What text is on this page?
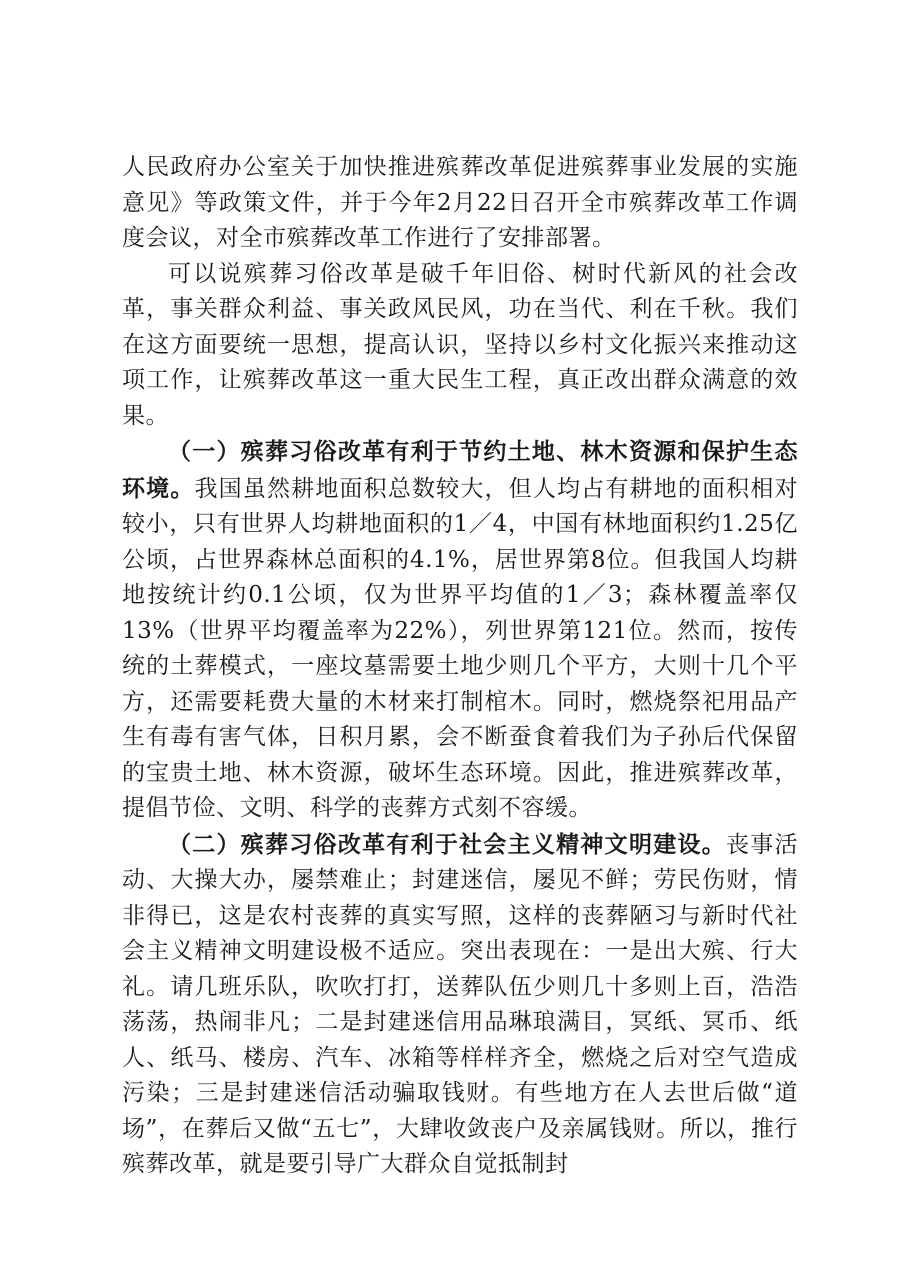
人民政府办公室关于加快推进殡葬改革促进殡葬事业发展的实施意见》等政策文件，并于今年2月22日召开全市殡葬改革工作调度会议，对全市殡葬改革工作进行了安排部署。

可以说殡葬习俗改革是破千年旧俗、树时代新风的社会改革，事关群众利益、事关政风民风，功在当代、利在千秋。我们在这方面要统一思想，提高认识，坚持以乡村文化振兴来推动这项工作，让殡葬改革这一重大民生工程，真正改出群众满意的效果。

（一）殡葬习俗改革有利于节约土地、林木资源和保护生态环境。我国虽然耕地面积总数较大，但人均占有耕地的面积相对较小，只有世界人均耕地面积的1／4，中国有林地面积约1.25亿公顷，占世界森林总面积的4.1%，居世界第8位。但我国人均耕地按统计约0.1公顷，仅为世界平均值的1／3；森林覆盖率仅13%（世界平均覆盖率为22%），列世界第121位。然而，按传统的土葬模式，一座坟墓需要土地少则几个平方，大则十几个平方，还需要耗费大量的木材来打制棺木。同时，燃烧祭祀用品产生有毒有害气体，日积月累，会不断蚕食着我们为子孙后代保留的宝贵土地、林木资源，破坏生态环境。因此，推进殡葬改革，提倡节俭、文明、科学的丧葬方式刻不容缓。

（二）殡葬习俗改革有利于社会主义精神文明建设。丧事活动、大操大办，屡禁难止；封建迷信，屡见不鲜；劳民伤财，情非得已，这是农村丧葬的真实写照，这样的丧葬陋习与新时代社会主义精神文明建设极不适应。突出表现在：一是出大殡、行大礼。请几班乐队，吹吹打打，送葬队伍少则几十多则上百，浩浩荡荡，热闹非凡；二是封建迷信用品琳琅满目，冥纸、冥币、纸人、纸马、楼房、汽车、冰箱等样样齐全，燃烧之后对空气造成污染；三是封建迷信活动骗取钱财。有些地方在人去世后做“道场”，在葬后又做“五七”，大肆收敛丧户及亲属钱财。所以，推行殡葬改革，就是要引导广大群众自觉抵制封
